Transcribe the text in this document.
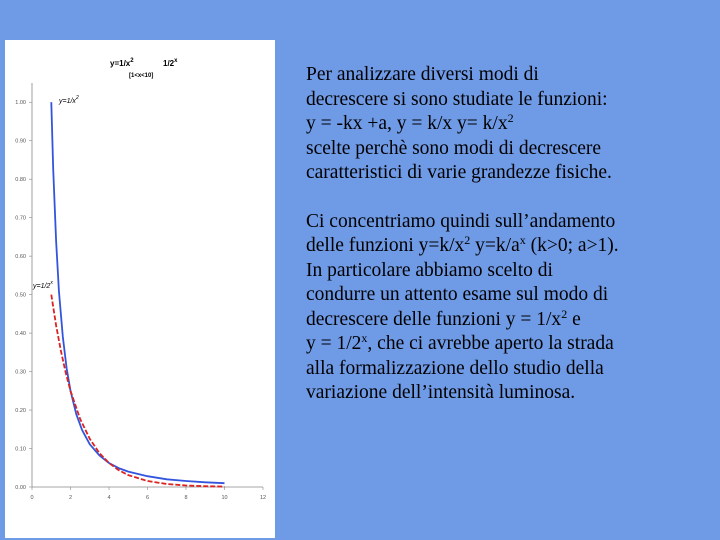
$y=1/x^2$	1/2$^x$
[1<x<10]
0	2	4	6	8	10	12
0.00
0.10
0.20
0.30
0.40
0.50
0.60
0.70
0.80
0.90
1.00	$y=1/x^2$
$y=1/2^x$
Per analizzare diversi modi di
decrescere si sono studiate le funzioni:
y = -kx +a, y = k/x $y= k/x^2$
scelte perchè sono modi di decrescere
caratteristici di varie grandezze fisiche.
Ci concentriamo quindi sull’andamento
delle funzioni $y=k/x^2$ $y=k/a^x$ (k>0; a>1).
In particolare abbiamo scelto di
condurre un attento esame sul modo di
decrescere delle funzioni $y = 1/x^2$ e
$y = 1/2^x$, che ci avrebbe aperto la strada
alla formalizzazione dello studio della
variazione dell’intensità luminosa.
